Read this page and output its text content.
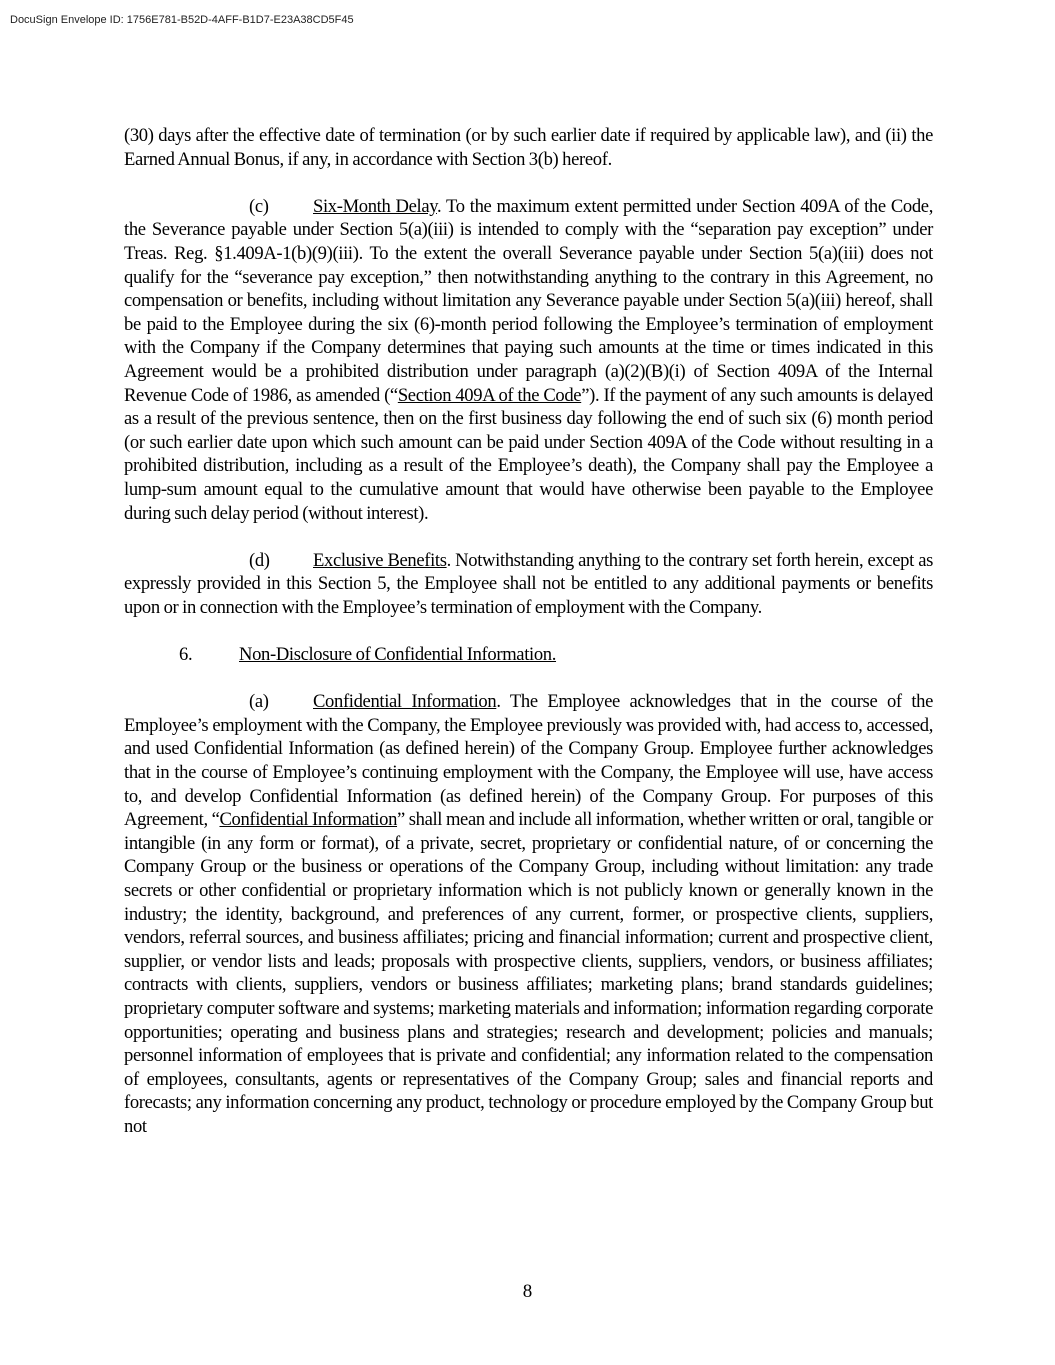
DocuSign Envelope ID: 1756E781-B52D-4AFF-B1D7-E23A38CD5F45

(30) days after the effective date of termination (or by such earlier date if required by applicable law), and (ii) the Earned Annual Bonus, if any, in accordance with Section 3(b) hereof.

(c) Six-Month Delay. To the maximum extent permitted under Section 409A of the Code, the Severance payable under Section 5(a)(iii) is intended to comply with the “separation pay exception” under Treas. Reg. §1.409A-1(b)(9)(iii). To the extent the overall Severance payable under Section 5(a)(iii) does not qualify for the “severance pay exception,” then notwithstanding anything to the contrary in this Agreement, no compensation or benefits, including without limitation any Severance payable under Section 5(a)(iii) hereof, shall be paid to the Employee during the six (6)-month period following the Employee’s termination of employment with the Company if the Company determines that paying such amounts at the time or times indicated in this Agreement would be a prohibited distribution under paragraph (a)(2)(B)(i) of Section 409A of the Internal Revenue Code of 1986, as amended (“Section 409A of the Code”). If the payment of any such amounts is delayed as a result of the previous sentence, then on the first business day following the end of such six (6) month period (or such earlier date upon which such amount can be paid under Section 409A of the Code without resulting in a prohibited distribution, including as a result of the Employee’s death), the Company shall pay the Employee a lump-sum amount equal to the cumulative amount that would have otherwise been payable to the Employee during such delay period (without interest).

(d) Exclusive Benefits. Notwithstanding anything to the contrary set forth herein, except as expressly provided in this Section 5, the Employee shall not be entitled to any additional payments or benefits upon or in connection with the Employee’s termination of employment with the Company.

6.	Non-Disclosure of Confidential Information.

(a) Confidential Information. The Employee acknowledges that in the course of the Employee’s employment with the Company, the Employee previously was provided with, had access to, accessed, and used Confidential Information (as defined herein) of the Company Group. Employee further acknowledges that in the course of Employee’s continuing employment with the Company, the Employee will use, have access to, and develop Confidential Information (as defined herein) of the Company Group. For purposes of this Agreement, “Confidential Information” shall mean and include all information, whether written or oral, tangible or intangible (in any form or format), of a private, secret, proprietary or confidential nature, of or concerning the Company Group or the business or operations of the Company Group, including without limitation: any trade secrets or other confidential or proprietary information which is not publicly known or generally known in the industry; the identity, background, and preferences of any current, former, or prospective clients, suppliers, vendors, referral sources, and business affiliates; pricing and financial information; current and prospective client, supplier, or vendor lists and leads; proposals with prospective clients, suppliers, vendors, or business affiliates; contracts with clients, suppliers, vendors or business affiliates; marketing plans; brand standards guidelines; proprietary computer software and systems; marketing materials and information; information regarding corporate opportunities; operating and business plans and strategies; research and development; policies and manuals; personnel information of employees that is private and confidential; any information related to the compensation of employees, consultants, agents or representatives of the Company Group; sales and financial reports and forecasts; any information concerning any product, technology or procedure employed by the Company Group but not

8
